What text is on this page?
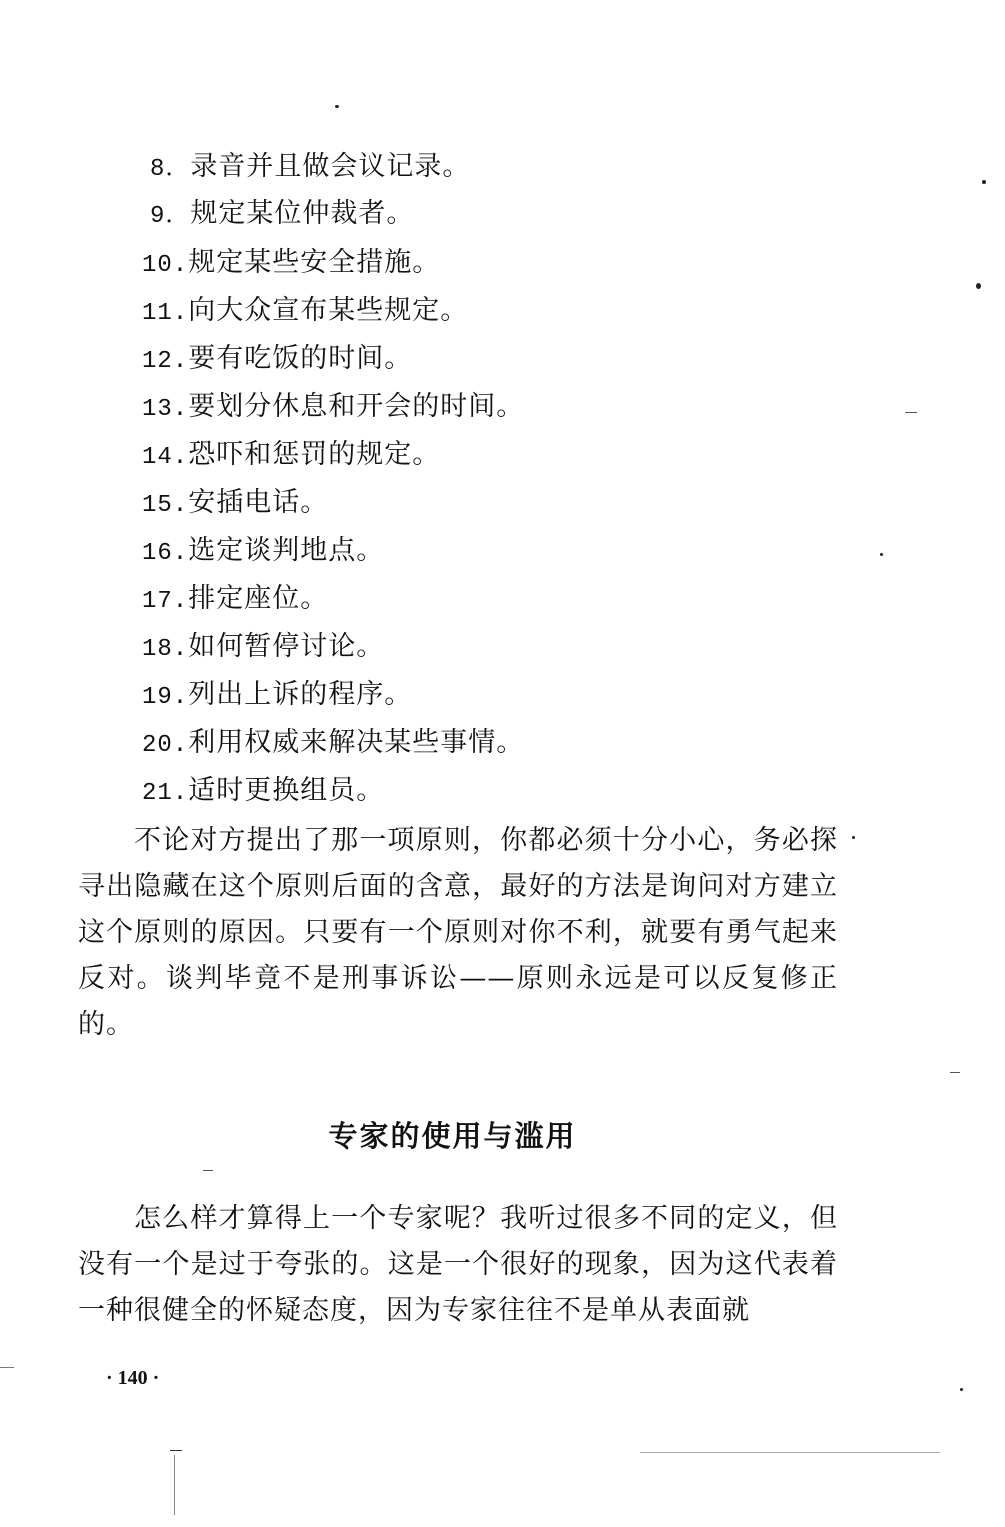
8．录音并且做会议记录。
9．规定某位仲裁者。
10.规定某些安全措施。
11.向大众宣布某些规定。
12.要有吃饭的时间。
13.要划分休息和开会的时间。
14.恐吓和惩罚的规定。
15.安插电话。
16.选定谈判地点。
17.排定座位。
18.如何暂停讨论。
19.列出上诉的程序。
20.利用权威来解决某些事情。
21.适时更换组员。

不论对方提出了那一项原则，你都必须十分小心，务必探寻出隐藏在这个原则后面的含意，最好的方法是询问对方建立这个原则的原因。只要有一个原则对你不利，就要有勇气起来反对。谈判毕竟不是刑事诉讼——原则永远是可以反复修正的。

专家的使用与滥用

怎么样才算得上一个专家呢？我听过很多不同的定义，但没有一个是过于夸张的。这是一个很好的现象，因为这代表着一种很健全的怀疑态度，因为专家往往不是单从表面就

· 140 ·
